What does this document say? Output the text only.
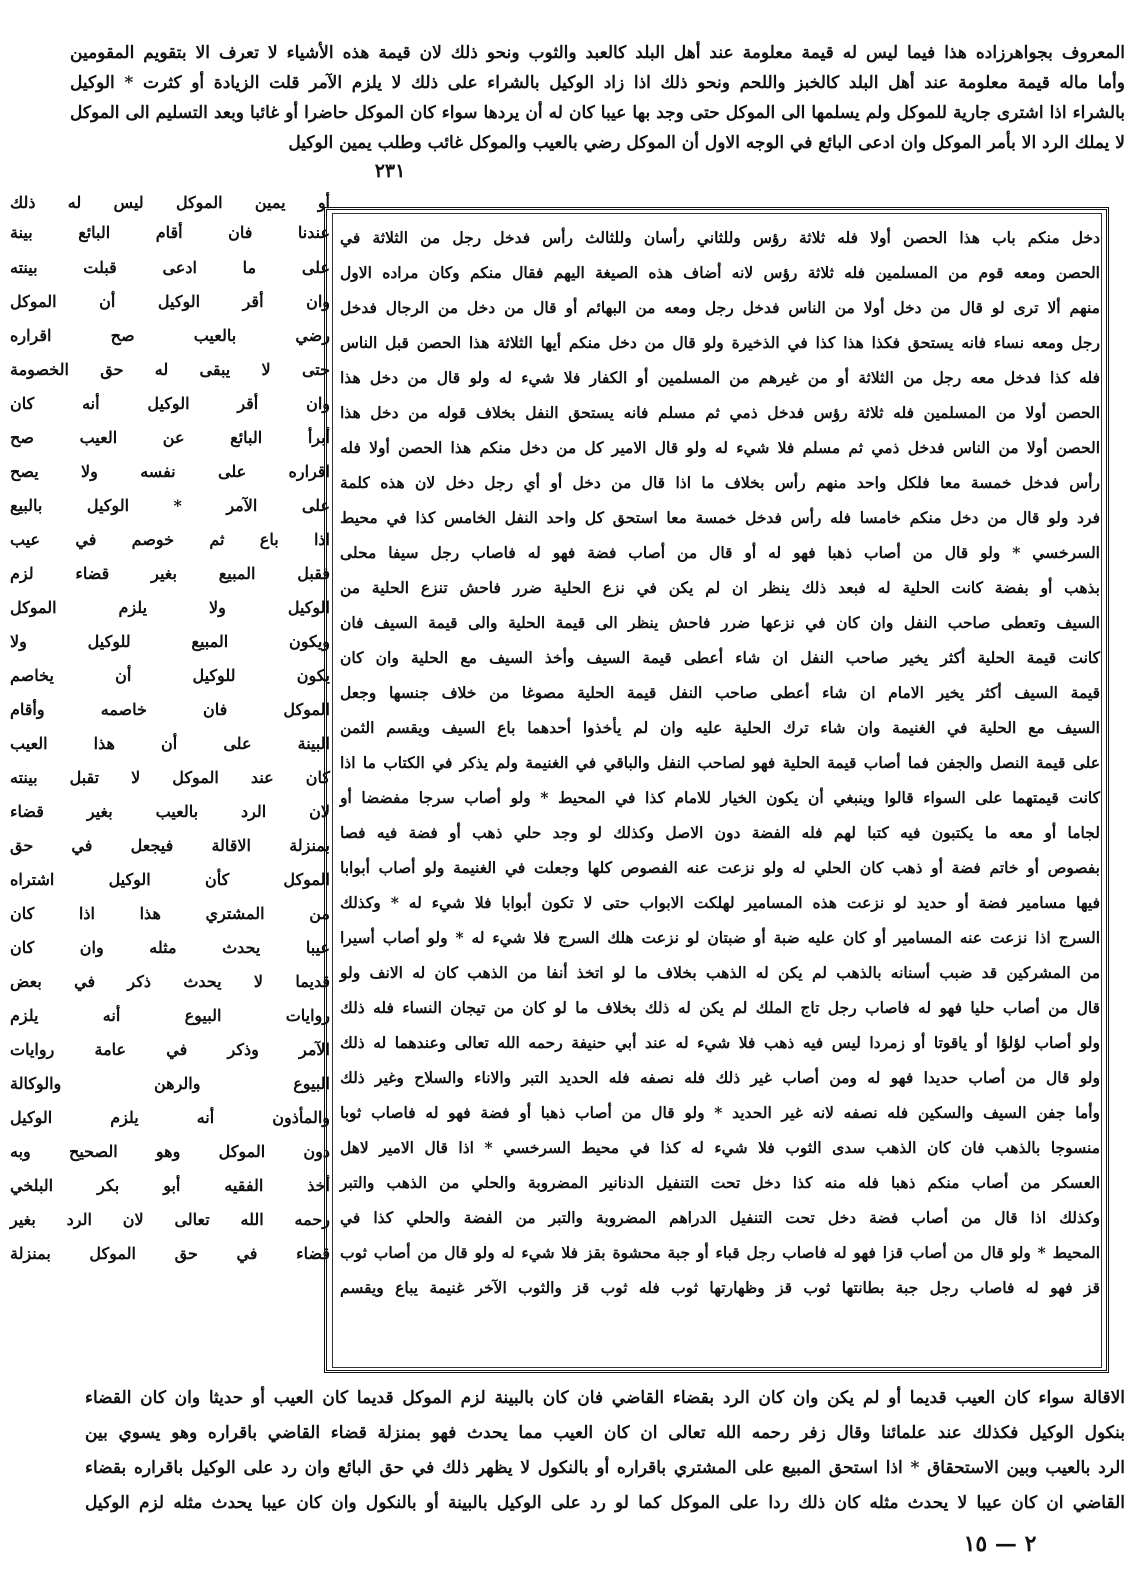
المعروف بجواهرزاده هذا فيما ليس له قيمة معلومة عند أهل البلد كالعبد والثوب ونحو ذلك لان قيمة هذه الأشياء لا تعرف الا بتقويم المقومين
وأما ماله قيمة معلومة عند أهل البلد كالخبز واللحم ونحو ذلك اذا زاد الوكيل بالشراء على ذلك لا يلزم الآمر قلت الزيادة أو كثرت * الوكيل
بالشراء اذا اشترى جارية للموكل ولم يسلمها الى الموكل حتى وجد بها عيبا كان له أن يردها سواء كان الموكل حاضرا أو غائبا وبعد التسليم الى الموكل
لا يملك الرد الا بأمر الموكل وان ادعى البائع في الوجه الاول أن الموكل رضي بالعيب والموكل غائب وطلب يمين الوكيل
٢٣١
أو يمين الموكل ليس له ذلك
عندنا فان أقام البائع بينة
على ما ادعى قبلت بينته
وان أقر الوكيل أن الموكل
رضي بالعيب صح اقراره
حتى لا يبقى له حق الخصومة
وان أقر الوكيل أنه كان
أبرأ البائع عن العيب صح
اقراره على نفسه ولا يصح
على الآمر * الوكيل بالبيع
اذا باع ثم خوصم في عيب
فقبل المبيع بغير قضاء لزم
الوكيل ولا يلزم الموكل
ويكون المبيع للوكيل ولا
يكون للوكيل أن يخاصم
الموكل فان خاصمه وأقام
البينة على أن هذا العيب
كان عند الموكل لا تقبل بينته
لان الرد بالعيب بغير قضاء
بمنزلة الاقالة فيجعل في حق
الموكل كأن الوكيل اشتراه
من المشتري هذا اذا كان
عيبا يحدث مثله وان كان
قديما لا يحدث ذكر في بعض
روايات البيوع أنه يلزم
الآمر وذكر في عامة روايات
البيوع والرهن والوكالة
والمأذون أنه يلزم الوكيل
دون الموكل وهو الصحيح وبه
أخذ الفقيه أبو بكر البلخي
رحمه الله تعالى لان الرد بغير
قضاء في حق الموكل بمنزلة
دخل منكم باب هذا الحصن أولا فله ثلاثة رؤس وللثاني رأسان وللثالث رأس فدخل رجل من الثلاثة في
الحصن ومعه قوم من المسلمين فله ثلاثة رؤس لانه أضاف هذه الصيغة اليهم فقال منكم وكان مراده الاول
منهم ألا ترى لو قال من دخل أولا من الناس فدخل رجل ومعه من البهائم أو قال من دخل من الرجال فدخل
رجل ومعه نساء فانه يستحق فكذا هذا كذا في الذخيرة ولو قال من دخل منكم أيها الثلاثة هذا الحصن قبل الناس
فله كذا فدخل معه رجل من الثلاثة أو من غيرهم من المسلمين أو الكفار فلا شيء له ولو قال من دخل هذا
الحصن أولا من المسلمين فله ثلاثة رؤس فدخل ذمي ثم مسلم فانه يستحق النفل بخلاف قوله من دخل هذا
الحصن أولا من الناس فدخل ذمي ثم مسلم فلا شيء له ولو قال الامير كل من دخل منكم هذا الحصن أولا فله
رأس فدخل خمسة معا فلكل واحد منهم رأس بخلاف ما اذا قال من دخل أو أي رجل دخل لان هذه كلمة
فرد ولو قال من دخل منكم خامسا فله رأس فدخل خمسة معا استحق كل واحد النفل الخامس كذا في محيط
السرخسي * ولو قال من أصاب ذهبا فهو له أو قال من أصاب فضة فهو له فاصاب رجل سيفا محلى
بذهب أو بفضة كانت الحلية له فبعد ذلك ينظر ان لم يكن في نزع الحلية ضرر فاحش تنزع الحلية من
السيف وتعطى صاحب النفل وان كان في نزعها ضرر فاحش ينظر الى قيمة الحلية والى قيمة السيف فان
كانت قيمة الحلية أكثر يخير صاحب النفل ان شاء أعطى قيمة السيف وأخذ السيف مع الحلية وان كان
قيمة السيف أكثر يخير الامام ان شاء أعطى صاحب النفل قيمة الحلية مصوغا من خلاف جنسها وجعل
السيف مع الحلية في الغنيمة وان شاء ترك الحلية عليه وان لم يأخذوا أحدهما باع السيف ويقسم الثمن
على قيمة النصل والجفن فما أصاب قيمة الحلية فهو لصاحب النفل والباقي في الغنيمة ولم يذكر في الكتاب ما اذا
كانت قيمتهما على السواء قالوا وينبغي أن يكون الخيار للامام كذا في المحيط * ولو أصاب سرجا مفضضا أو
لجاما أو معه ما يكتبون فيه كتبا لهم فله الفضة دون الاصل وكذلك لو وجد حلي ذهب أو فضة فيه فصا
بفصوص أو خاتم فضة أو ذهب كان الحلي له ولو نزعت عنه الفصوص كلها وجعلت في الغنيمة ولو أصاب أبوابا
فيها مسامير فضة أو حديد لو نزعت هذه المسامير لهلكت الابواب حتى لا تكون أبوابا فلا شيء له * وكذلك
السرج اذا نزعت عنه المسامير أو كان عليه ضبة أو ضبتان لو نزعت هلك السرج فلا شيء له * ولو أصاب أسيرا
من المشركين قد ضبب أسنانه بالذهب لم يكن له الذهب بخلاف ما لو اتخذ أنفا من الذهب كان له الانف ولو
قال من أصاب حليا فهو له فاصاب رجل تاج الملك لم يكن له ذلك بخلاف ما لو كان من تيجان النساء فله ذلك
ولو أصاب لؤلؤا أو ياقوتا أو زمردا ليس فيه ذهب فلا شيء له عند أبي حنيفة رحمه الله تعالى وعندهما له ذلك
ولو قال من أصاب حديدا فهو له ومن أصاب غير ذلك فله نصفه فله الحديد التبر والاناء والسلاح وغير ذلك
وأما جفن السيف والسكين فله نصفه لانه غير الحديد * ولو قال من أصاب ذهبا أو فضة فهو له فاصاب ثوبا
منسوجا بالذهب فان كان الذهب سدى الثوب فلا شيء له كذا في محيط السرخسي * اذا قال الامير لاهل
العسكر من أصاب منكم ذهبا فله منه كذا دخل تحت التنفيل الدنانير المضروبة والحلي من الذهب والتبر
وكذلك اذا قال من أصاب فضة دخل تحت التنفيل الدراهم المضروبة والتبر من الفضة والحلي كذا في
المحيط * ولو قال من أصاب قزا فهو له فاصاب رجل قباء أو جبة محشوة بقز فلا شيء له ولو قال من أصاب ثوب
قز فهو له فاصاب رجل جبة بطانتها ثوب قز وظهارتها ثوب فله ثوب قز والثوب الآخر غنيمة يباع ويقسم
الاقالة سواء كان العيب قديما أو لم يكن وان كان الرد بقضاء القاضي فان كان بالبينة لزم الموكل قديما كان العيب أو حديثا وان كان القضاء
بنكول الوكيل فكذلك عند علمائنا وقال زفر رحمه الله تعالى ان كان العيب مما يحدث فهو بمنزلة قضاء القاضي باقراره وهو يسوي بين
الرد بالعيب وبين الاستحقاق * اذا استحق المبيع على المشتري باقراره أو بالنكول لا يظهر ذلك في حق البائع وان رد على الوكيل باقراره بقضاء
القاضي ان كان عيبا لا يحدث مثله كان ذلك ردا على الموكل كما لو رد على الوكيل بالبينة أو بالنكول وان كان عيبا يحدث مثله لزم الوكيل
٢ — ١٥
